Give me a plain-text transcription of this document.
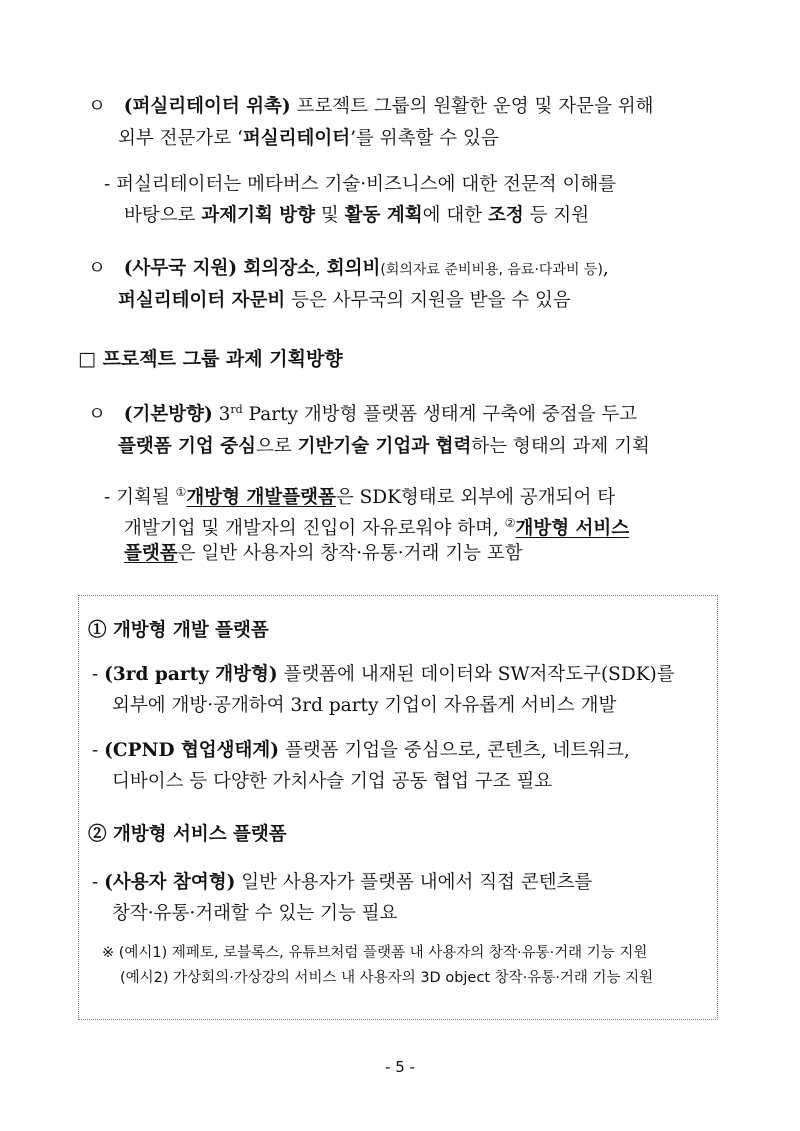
ㅇ (퍼실리테이터 위촉) 프로젝트 그룹의 원활한 운영 및 자문을 위해
외부 전문가로 ‘퍼실리테이터’를 위촉할 수 있음
- 퍼실리테이터는 메타버스 기술·비즈니스에 대한 전문적 이해를
바탕으로 과제기획 방향 및 활동 계획에 대한 조정 등 지원
ㅇ (사무국 지원) 회의장소, 회의비(회의자료 준비비용, 음료·다과비 등),
퍼실리테이터 자문비 등은 사무국의 지원을 받을 수 있음
□ 프로젝트 그룹 과제 기획방향
ㅇ (기본방향) 3rd Party 개방형 플랫폼 생태계 구축에 중점을 두고
플랫폼 기업 중심으로 기반기술 기업과 협력하는 형태의 과제 기획
- 기획될 ①개방형 개발플랫폼은 SDK형태로 외부에 공개되어 타
개발기업 및 개발자의 진입이 자유로워야 하며, ②개방형 서비스
플랫폼은 일반 사용자의 창작·유통·거래 기능 포함
① 개방형 개발 플랫폼
- (3rd party 개방형) 플랫폼에 내재된 데이터와 SW저작도구(SDK)를
외부에 개방·공개하여 3rd party 기업이 자유롭게 서비스 개발
- (CPND 협업생태계) 플랫폼 기업을 중심으로, 콘텐츠, 네트워크,
디바이스 등 다양한 가치사슬 기업 공동 협업 구조 필요
② 개방형 서비스 플랫폼
- (사용자 참여형) 일반 사용자가 플랫폼 내에서 직접 콘텐츠를
창작·유통·거래할 수 있는 기능 필요
※ (예시1) 제페토, 로블록스, 유튜브처럼 플랫폼 내 사용자의 창작·유통·거래 기능 지원
(예시2) 가상회의·가상강의 서비스 내 사용자의 3D object 창작·유통·거래 기능 지원
- 5 -
